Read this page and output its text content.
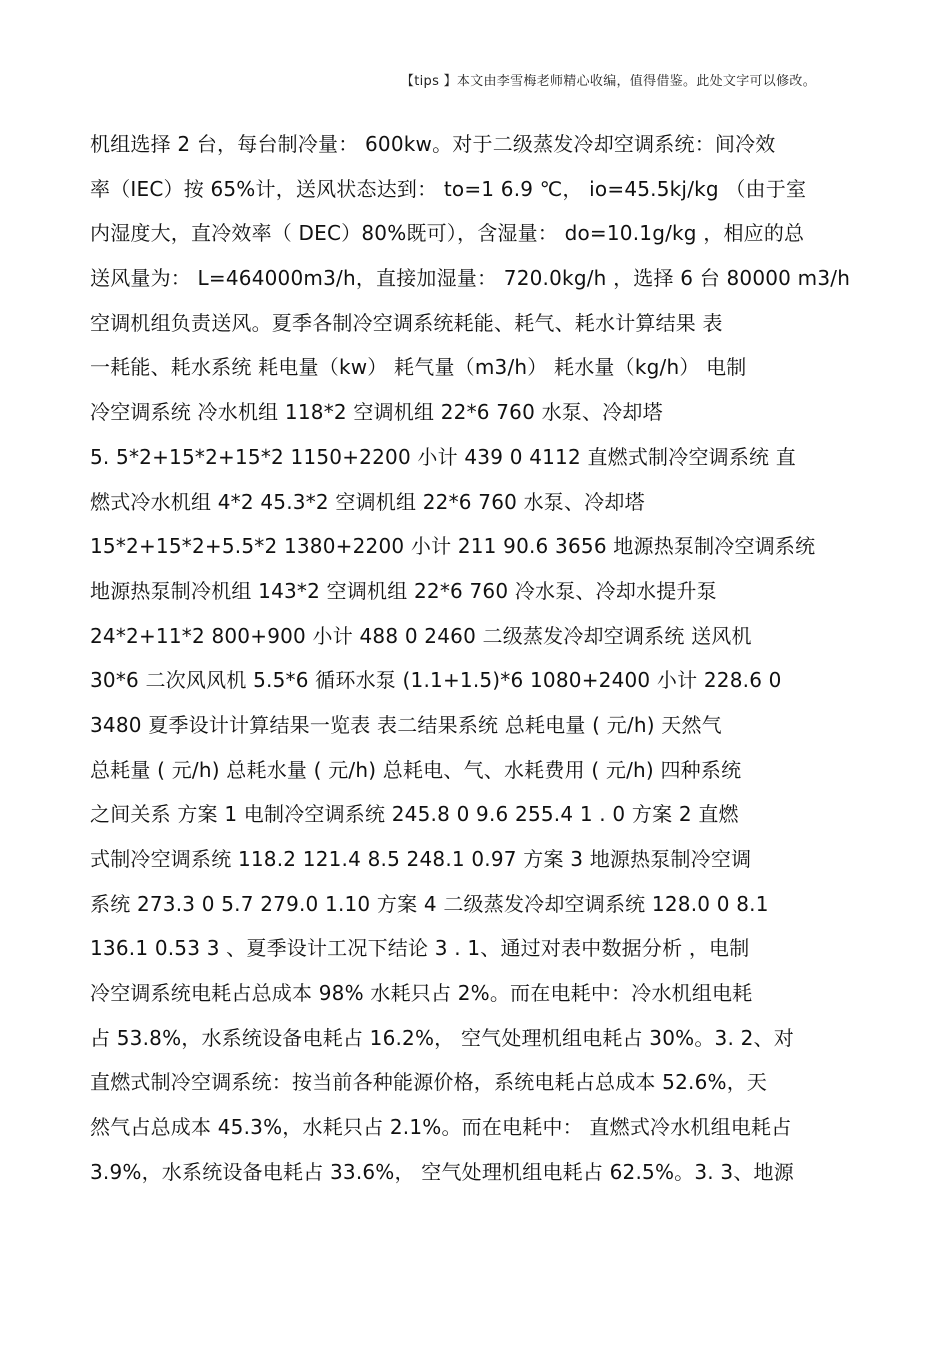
【tips 】本文由李雪梅老师精心收编，值得借鉴。此处文字可以修改。
机组选择 2 台，每台制冷量： 600kw。对于二级蒸发冷却空调系统：间冷效
率（IEC）按 65%计，送风状态达到： to=1 6.9 ℃， io=45.5kj/kg （由于室
内湿度大，直冷效率（ DEC）80%既可），含湿量： do=10.1g/kg ，相应的总
送风量为： L=464000m3/h，直接加湿量： 720.0kg/h ，选择 6 台 80000 m3/h
空调机组负责送风。夏季各制冷空调系统耗能、耗气、耗水计算结果 表
一耗能、耗水系统 耗电量（kw） 耗气量（m3/h） 耗水量（kg/h） 电制
冷空调系统 冷水机组 118*2 空调机组 22*6 760 水泵、冷却塔
5. 5*2+15*2+15*2 1150+2200 小计 439 0 4112 直燃式制冷空调系统 直
燃式冷水机组 4*2 45.3*2 空调机组 22*6 760 水泵、冷却塔
15*2+15*2+5.5*2 1380+2200 小计 211 90.6 3656 地源热泵制冷空调系统
地源热泵制冷机组 143*2 空调机组 22*6 760 冷水泵、冷却水提升泵
24*2+11*2 800+900 小计 488 0 2460 二级蒸发冷却空调系统 送风机
30*6 二次风风机 5.5*6 循环水泵 (1.1+1.5)*6 1080+2400 小计 228.6 0
3480 夏季设计计算结果一览表 表二结果系统 总耗电量 ( 元/h) 天然气
总耗量 ( 元/h) 总耗水量 ( 元/h) 总耗电、气、水耗费用 ( 元/h) 四种系统
之间关系 方案 1 电制冷空调系统 245.8 0 9.6 255.4 1 . 0 方案 2 直燃
式制冷空调系统 118.2 121.4 8.5 248.1 0.97 方案 3 地源热泵制冷空调
系统 273.3 0 5.7 279.0 1.10 方案 4 二级蒸发冷却空调系统 128.0 0 8.1
136.1 0.53 3 、夏季设计工况下结论 3 . 1、通过对表中数据分析 ，电制
冷空调系统电耗占总成本 98% 水耗只占 2%。而在电耗中：冷水机组电耗
占 53.8%，水系统设备电耗占 16.2%， 空气处理机组电耗占 30%。3. 2、对
直燃式制冷空调系统：按当前各种能源价格，系统电耗占总成本 52.6%，天
然气占总成本 45.3%，水耗只占 2.1%。而在电耗中： 直燃式冷水机组电耗占
3.9%，水系统设备电耗占 33.6%， 空气处理机组电耗占 62.5%。3. 3、地源
